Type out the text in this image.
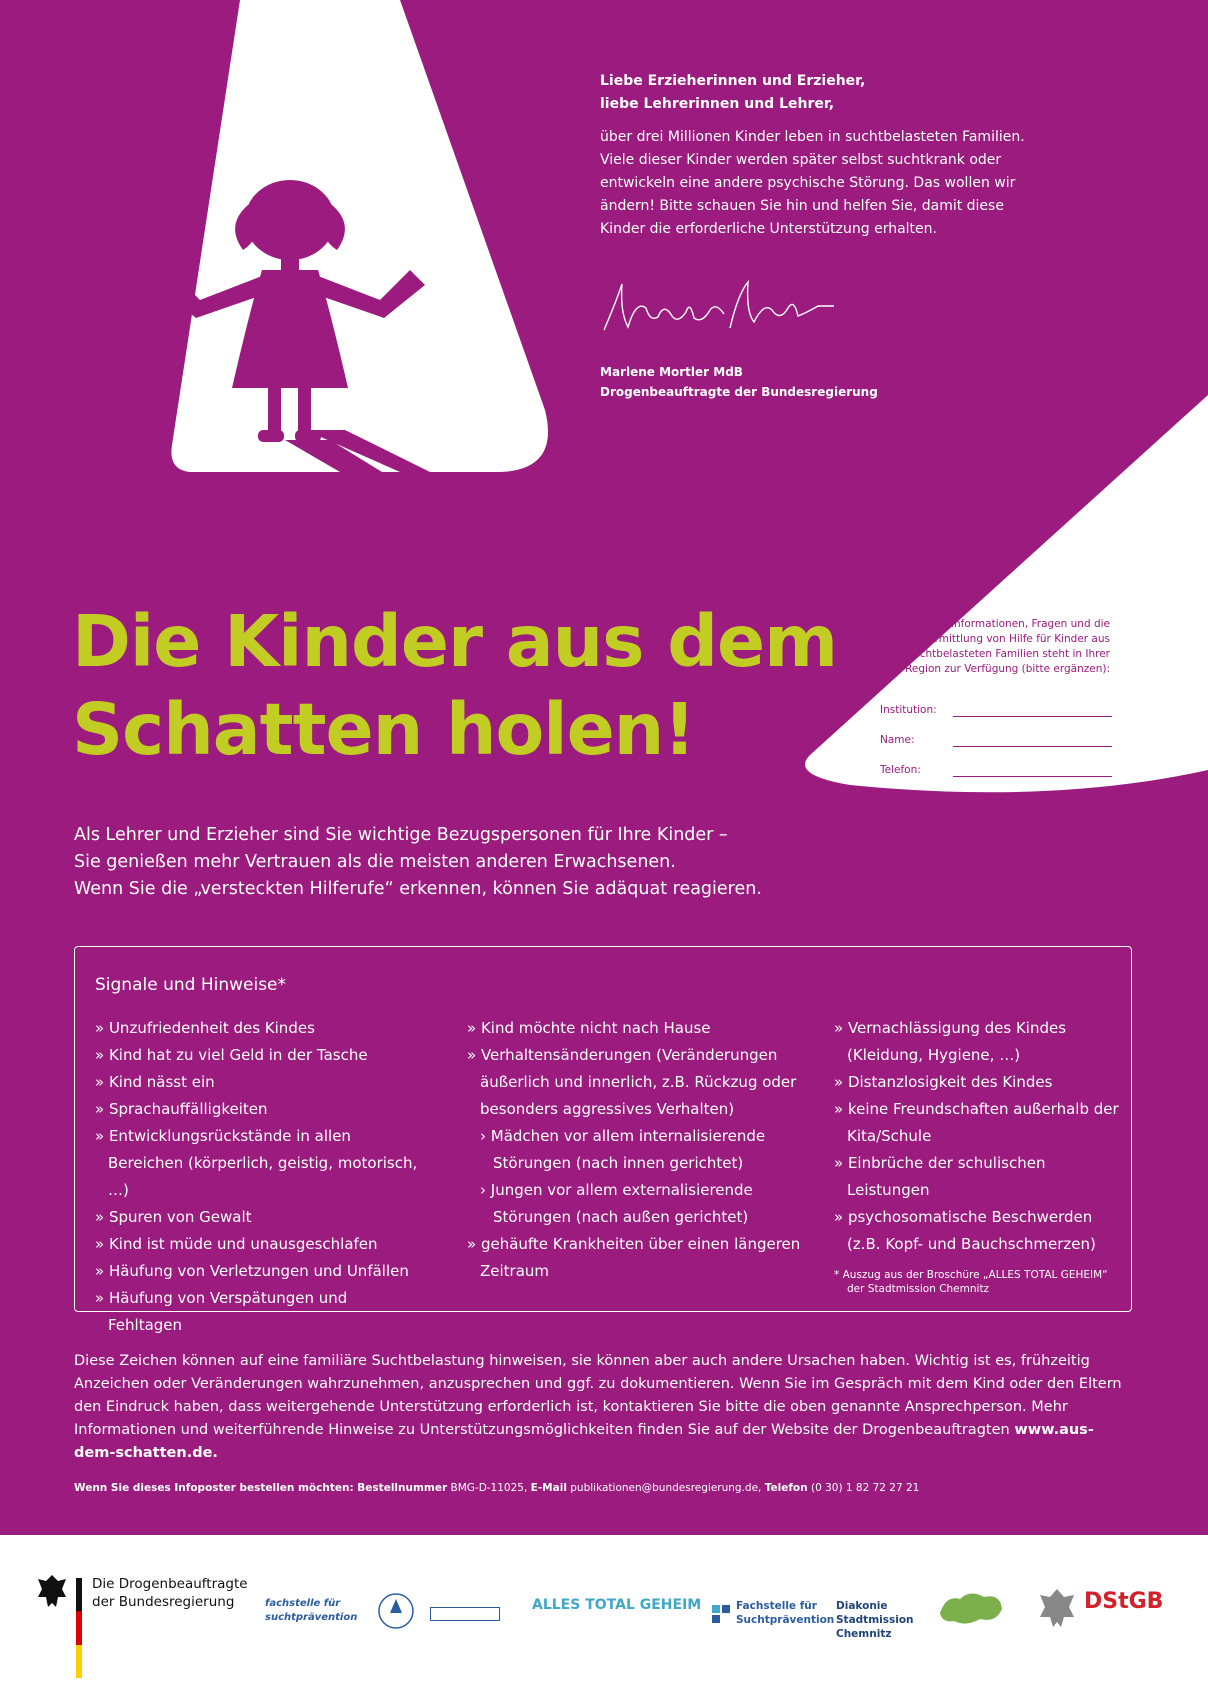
Liebe Erzieherinnen und Erzieher,

liebe Lehrerinnen und Lehrer,

über drei Millionen Kinder leben in suchtbelasteten Familien.

Viele dieser Kinder werden später selbst suchtkrank oder

entwickeln eine andere psychische Störung. Das wollen wir

ändern! Bitte schauen Sie hin und helfen Sie, damit diese

Kinder die erforderliche Unterstützung erhalten.

Marlene Mortler MdB
Drogenbeauftragte der Bundesregierung
Die Kinder aus dem
Schatten holen!
Für Informationen, Fragen und die
Vermittlung von Hilfe für Kinder aus
suchtbelasteten Familien steht in Ihrer
Region zur Verfügung (bitte ergänzen):
Institution:
Name:
Telefon:

Als Lehrer und Erzieher sind Sie wichtige Bezugspersonen für Ihre Kinder –

Sie genießen mehr Vertrauen als die meisten anderen Erwachsenen.

Wenn Sie die „versteckten Hilferufe“ erkennen, können Sie adäquat reagieren.

Signale und Hinweise*

» Unzufriedenheit des Kindes

» Kind hat zu viel Geld in der Tasche

» Kind nässt ein

» Sprachauffälligkeiten

» Entwicklungsrückstände in allen Bereichen (körperlich, geistig, motorisch, …)

» Spuren von Gewalt

» Kind ist müde und unausgeschlafen

» Häufung von Verletzungen und Unfällen

» Häufung von Verspätungen und Fehltagen

» Kind möchte nicht nach Hause

» Verhaltensänderungen (Veränderungen äußerlich und innerlich, z.B. Rückzug oder besonders aggressives Verhalten)

› Mädchen vor allem internalisierende Störungen (nach innen gerichtet)

› Jungen vor allem externalisierende Störungen (nach außen gerichtet)

» gehäufte Krankheiten über einen längeren Zeitraum

» Vernachlässigung des Kindes (Kleidung, Hygiene, …)

» Distanzlosigkeit des Kindes

» keine Freundschaften außerhalb der Kita/Schule

» Einbrüche der schulischen Leistungen

» psychosomatische Beschwerden (z.B. Kopf- und Bauchschmerzen)

* Auszug aus der Broschüre „ALLES TOTAL GEHEIM“ der Stadtmission Chemnitz

Diese Zeichen können auf eine familiäre Suchtbelastung hinweisen, sie können aber auch andere Ursachen haben. Wichtig ist es, frühzeitig Anzeichen oder Veränderungen wahrzunehmen, anzusprechen und ggf. zu dokumentieren. Wenn Sie im Gespräch mit dem Kind oder den Eltern den Eindruck haben, dass weitergehende Unterstützung erforderlich ist, kontaktieren Sie bitte die oben genannte Ansprechperson. Mehr Informationen und weiterführende Hinweise zu Unterstützungsmöglichkeiten finden Sie auf der Website der Drogenbeauftragten www.aus-dem-schatten.de.

Wenn Sie dieses Infoposter bestellen möchten: Bestellnummer BMG-D-11025, E-Mail publikationen@bundesregierung.de, Telefon (0 30) 1 82 72 27 21

Die Drogenbeauftragte
der Bundesregierung	fachstelle für suchtprävention
ALLES TOTAL GEHEIM	Fachstelle für Suchtprävention
Diakonie
Stadtmission Chemnitz
DStGB
